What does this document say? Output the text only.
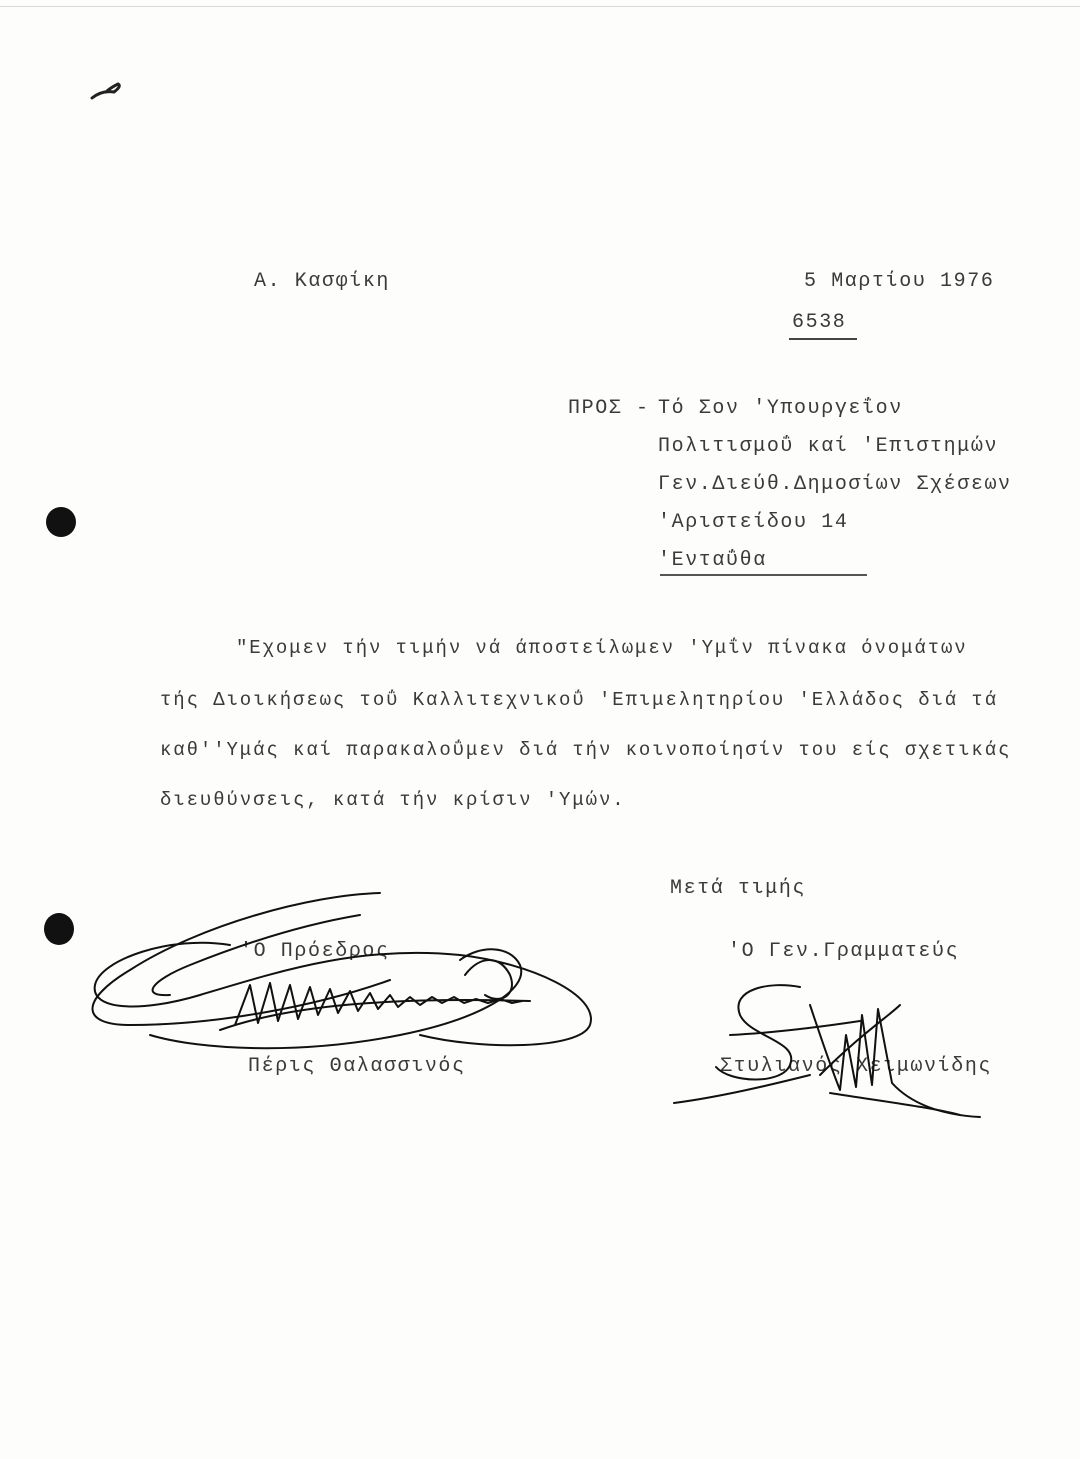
Α. Κασφίκη	5 Μαρτίου 1976
6538
ΠΡΟΣ - Τό Σον 'Υπουργεΐον
Πολιτισμοΰ καί 'Επιστημών
Γεν.Διεύθ.Δημοσίων Σχέσεων
'Αριστείδου 14
'Ενταΰθα
"Εχομεν τήν τιμήν νά άποστείλωμεν 'Υμΐν πίνακα όνομάτων
τής Διοικήσεως τοΰ Καλλιτεχνικοΰ 'Επιμελητηρίου 'Ελλάδος διά τά
καθ''Υμάς καί παρακαλοΰμεν διά τήν κοινοποίησίν του είς σχετικάς
διευθύνσεις, κατά τήν κρίσιν 'Υμών.
Μετά τιμής
'Ο Πρόεδρος	'Ο Γεν.Γραμματεύς
Πέρις Θαλασσινός	Στυλιανός Χειμωνίδης
